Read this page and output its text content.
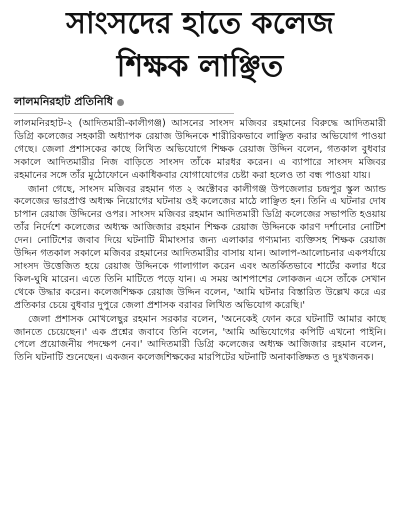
সাংসদের হাতে কলেজ
শিক্ষক লাঞ্ছিত
লালমনিরহাট প্রতিনিধি

লালমনিরহাট-২ (আদিতমারী-কালীগঞ্জ) আসনের সাংসদ মজিবর রহমানের বিরুদ্ধে আদিতমারী ডিগ্রি কলেজের সহকারী অধ্যাপক রেয়াজ উদ্দিনকে শারীরিকভাবে লাঞ্ছিত করার অভিযোগ পাওয়া গেছে। জেলা প্রশাসকের কাছে লিখিত অভিযোগে শিক্ষক রেয়াজ উদ্দিন বলেন, গতকাল বুধবার সকালে আদিতমারীর নিজ বাড়িতে সাংসদ তাঁকে মারধর করেন। এ ব্যাপারে সাংসদ মজিবর রহমানের সঙ্গে তাঁর মুঠোফোনে একাধিকবার যোগাযোগের চেষ্টা করা হলেও তা বন্ধ পাওয়া যায়।

জানা গেছে, সাংসদ মজিবর রহমান গত ২ অক্টোবর কালীগঞ্জ উপজেলার চন্দ্রপুর স্কুল অ্যান্ড কলেজের ভারপ্রাপ্ত অধ্যক্ষ নিয়োগের ঘটনায় ওই কলেজের মাঠে লাঞ্ছিত হন। তিনি এ ঘটনার দোষ চাপান রেয়াজ উদ্দিনের ওপর। সাংসদ মজিবর রহমান আদিতমারী ডিগ্রি কলেজের সভাপতি হওয়ায় তাঁর নির্দেশে কলেজের অধ্যক্ষ আজিজার রহমান শিক্ষক রেয়াজ উদ্দিনকে কারণ দর্শানোর নোটিশ দেন। নোটিশের জবাব দিয়ে ঘটনাটি মীমাংসার জন্য এলাকার গণ্যমান্য ব্যক্তিসহ শিক্ষক রেয়াজ উদ্দিন গতকাল সকালে মজিবর রহমানের আদিতমারীর বাসায় যান। আলাপ-আলোচনার একপর্যায়ে সাংসদ উত্তেজিত হয়ে রেয়াজ উদ্দিনকে গালাগাল করেন এবং অতর্কিতভাবে শার্টের কলার ধরে কিল-ঘুষি মারেন। এতে তিনি মাটিতে পড়ে যান। এ সময় আশপাশের লোকজন এসে তাঁকে সেখান থেকে উদ্ধার করেন। কলেজশিক্ষক রেয়াজ উদ্দিন বলেন, 'আমি ঘটনার বিস্তারিত উল্লেখ করে এর প্রতিকার চেয়ে বুধবার দুপুরে জেলা প্রশাসক বরাবর লিখিত অভিযোগ করেছি।'

জেলা প্রশাসক মোখলেছুর রহমান সরকার বলেন, 'অনেকেই ফোন করে ঘটনাটি আমার কাছে জানতে চেয়েছেন।' এক প্রশ্নের জবাবে তিনি বলেন, 'আমি অভিযোগের কপিটি এখনো পাইনি। পেলে প্রয়োজনীয় পদক্ষেপ নেব।' আদিতমারী ডিগ্রি কলেজের অধ্যক্ষ আজিজার রহমান বলেন, তিনি ঘটনাটি শুনেছেন। একজন কলেজশিক্ষকের মারপিটের ঘটনাটি অনাকাঙ্ক্ষিত ও দুঃখজনক।
